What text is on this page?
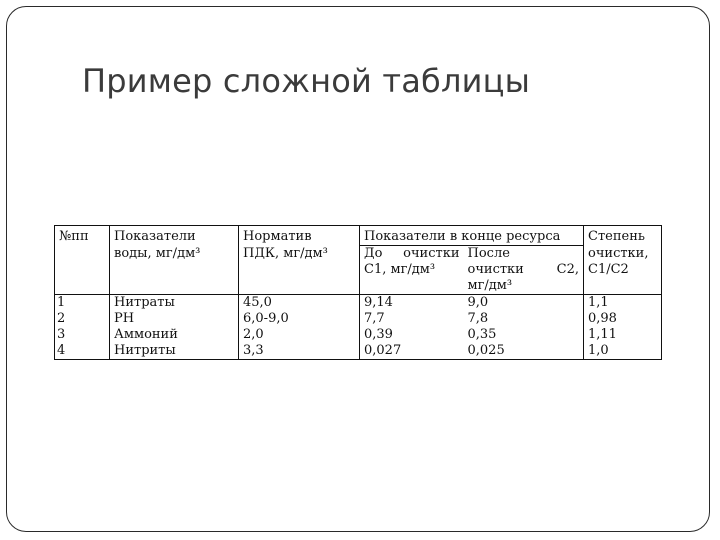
Пример сложной таблицы
№пп	Показатели	Норматив	Показатели в конце ресурса		Степень
	воды, мг/дм³	ПДК, мг/дм³	До очистки	После	очистки,
			С1, мг/дм³	очистки С2,	С1/С2
				мг/дм³	
1	Нитраты	45,0	9,14	9,0	1,1
2	РН	6,0-9,0	7,7	7,8	0,98
3	Аммоний	2,0	0,39	0,35	1,11
4	Нитриты	3,3	0,027	0,025	1,0
